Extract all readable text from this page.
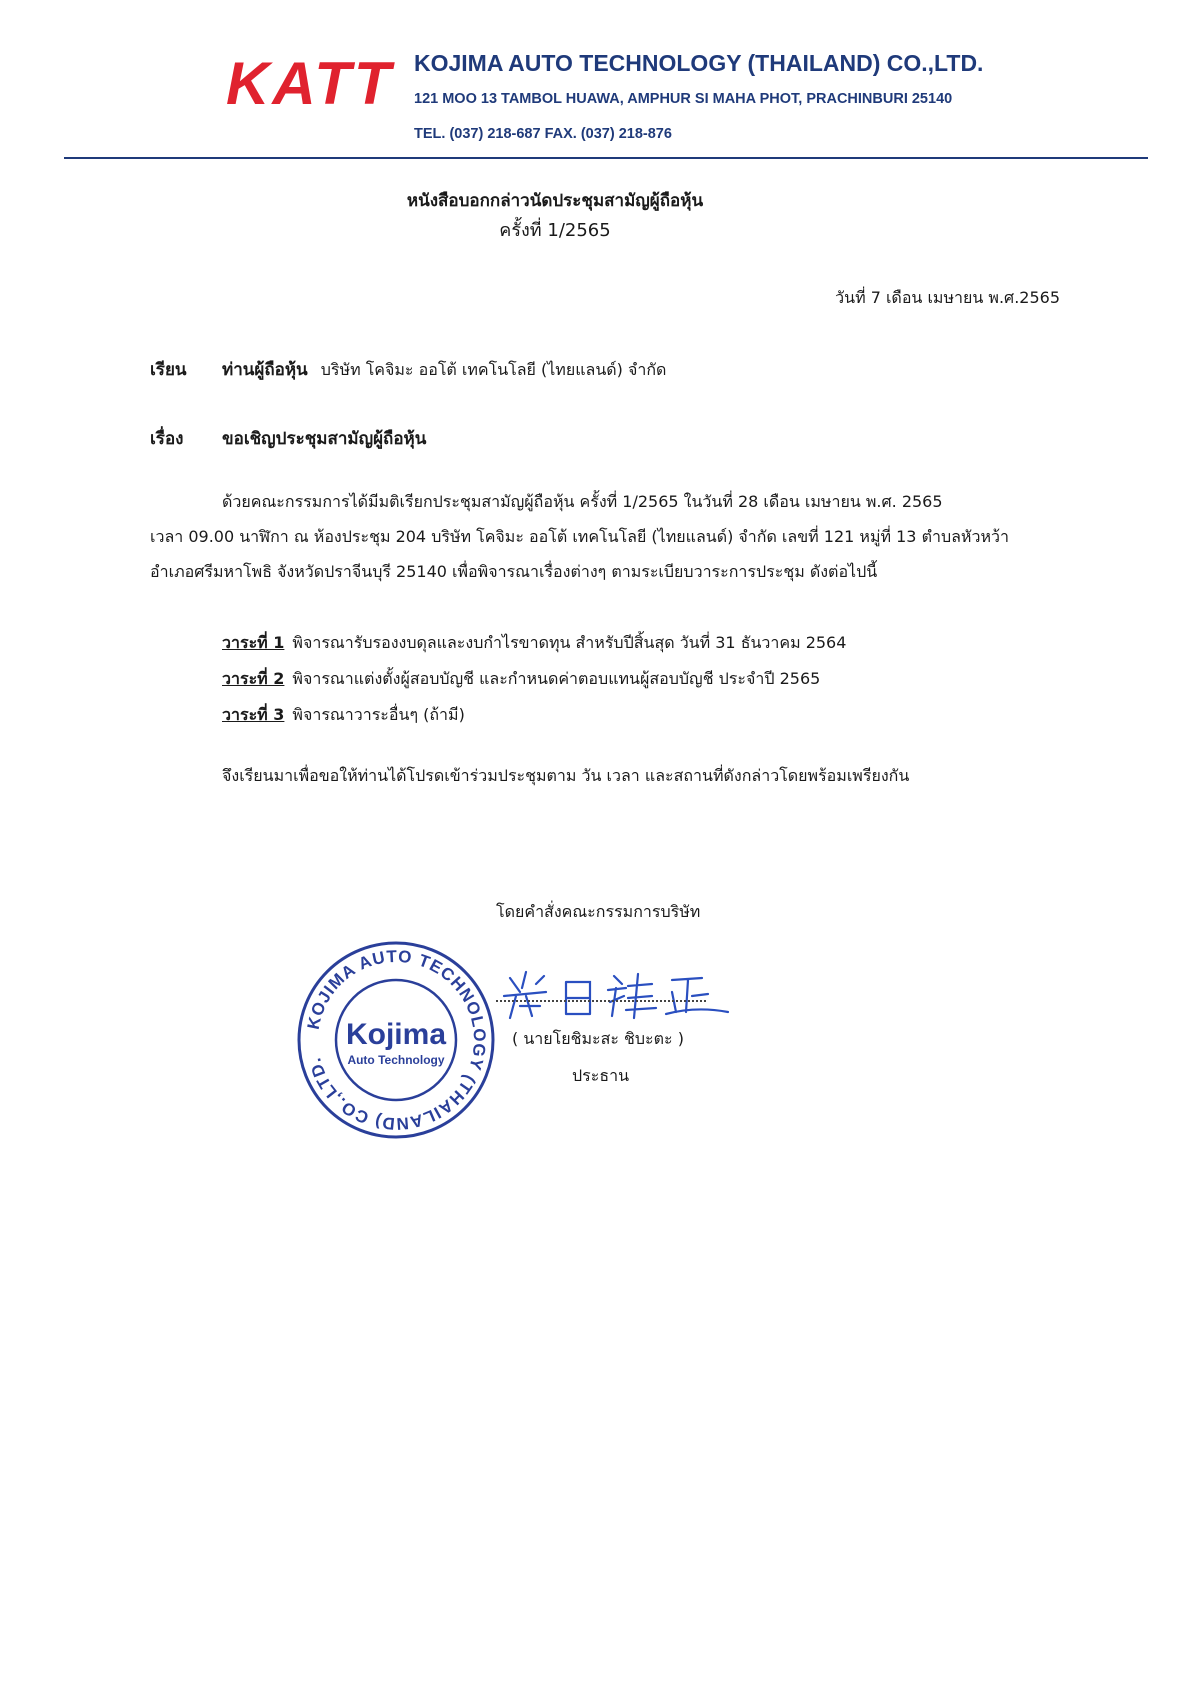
KATT KOJIMA AUTO TECHNOLOGY (THAILAND) CO.,LTD.
121 MOO 13 TAMBOL HUAWA, AMPHUR SI MAHA PHOT, PRACHINBURI 25140
TEL. (037) 218-687 FAX. (037) 218-876
หนังสือบอกกล่าวนัดประชุมสามัญผู้ถือหุ้น
ครั้งที่ 1/2565
วันที่ 7 เดือน เมษายน พ.ศ.2565
เรียน ท่านผู้ถือหุ้น บริษัท โคจิมะ ออโต้ เทคโนโลยี (ไทยแลนด์) จำกัด
เรื่อง ขอเชิญประชุมสามัญผู้ถือหุ้น
ด้วยคณะกรรมการได้มีมติเรียกประชุมสามัญผู้ถือหุ้น ครั้งที่ 1/2565 ในวันที่ 28 เดือน เมษายน พ.ศ. 2565
เวลา 09.00 นาฬิกา ณ ห้องประชุม 204 บริษัท โคจิมะ ออโต้ เทคโนโลยี (ไทยแลนด์) จำกัด เลขที่ 121 หมู่ที่ 13 ตำบลหัวหว้า
อำเภอศรีมหาโพธิ จังหวัดปราจีนบุรี 25140 เพื่อพิจารณาเรื่องต่างๆ ตามระเบียบวาระการประชุม ดังต่อไปนี้
วาระที่ 1 พิจารณารับรองงบดุลและงบกำไรขาดทุน สำหรับปีสิ้นสุด วันที่ 31 ธันวาคม 2564
วาระที่ 2 พิจารณาแต่งตั้งผู้สอบบัญชี และกำหนดค่าตอบแทนผู้สอบบัญชี ประจำปี 2565
วาระที่ 3 พิจารณาวาระอื่นๆ (ถ้ามี)
จึงเรียนมาเพื่อขอให้ท่านได้โปรดเข้าร่วมประชุมตาม วัน เวลา และสถานที่ดังกล่าวโดยพร้อมเพรียงกัน
โดยคำสั่งคณะกรรมการบริษัท
KOJIMA AUTO TECHNOLOGY (THAILAND) CO.,LTD.
Kojima
Auto Technology
( นายโยชิมะสะ ชิบะตะ )
ประธาน
